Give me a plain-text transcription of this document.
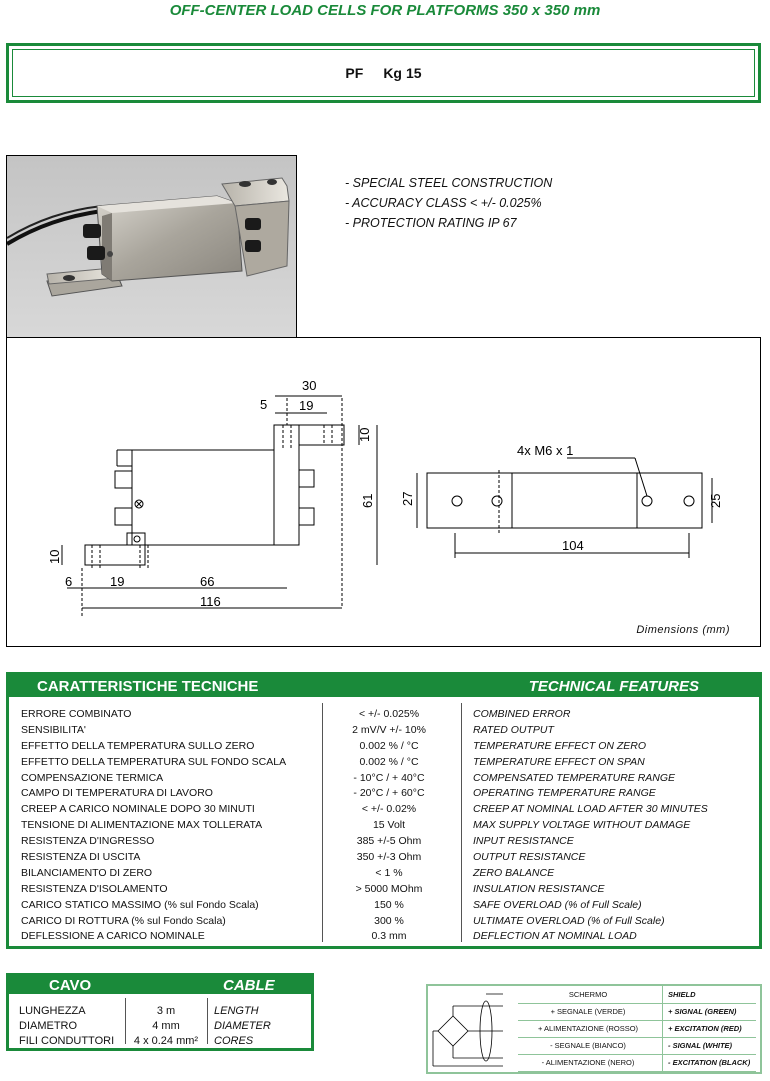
OFF-CENTER LOAD CELLS FOR PLATFORMS 350 x 350 mm
PF Kg 15
- SPECIAL STEEL CONSTRUCTION
- ACCURACY CLASS < +/- 0.025%
- PROTECTION RATING IP 67
30
5 19
10
61
10
6	19	66
116
4x M6 x 1
27	25
104
Dimensions (mm)
CARATTERISTICHE TECNICHE	TECHNICAL FEATURES
ERRORE COMBINATO	< +/- 0.025%	COMBINED ERROR
SENSIBILITA'	2 mV/V +/- 10%	RATED OUTPUT
EFFETTO DELLA TEMPERATURA SULLO ZERO	0.002 % / °C	TEMPERATURE EFFECT ON ZERO
EFFETTO DELLA TEMPERATURA SUL FONDO SCALA	0.002 % / °C	TEMPERATURE EFFECT ON SPAN
COMPENSAZIONE TERMICA	- 10°C / + 40°C	COMPENSATED TEMPERATURE RANGE
CAMPO DI TEMPERATURA DI LAVORO	- 20°C / + 60°C	OPERATING TEMPERATURE RANGE
CREEP A CARICO NOMINALE DOPO 30 MINUTI	< +/- 0.02%	CREEP AT NOMINAL LOAD AFTER 30 MINUTES
TENSIONE DI ALIMENTAZIONE MAX TOLLERATA	15 Volt	MAX SUPPLY VOLTAGE WITHOUT DAMAGE
RESISTENZA D'INGRESSO	385 +/-5 Ohm	INPUT RESISTANCE
RESISTENZA DI USCITA	350 +/-3 Ohm	OUTPUT RESISTANCE
BILANCIAMENTO DI ZERO	< 1 %	ZERO BALANCE
RESISTENZA D'ISOLAMENTO	> 5000 MOhm	INSULATION RESISTANCE
CARICO STATICO MASSIMO (% sul Fondo Scala)	150 %	SAFE OVERLOAD (% of Full Scale)
CARICO DI ROTTURA (% sul Fondo Scala)	300 %	ULTIMATE OVERLOAD (% of Full Scale)
DEFLESSIONE A CARICO NOMINALE	0.3 mm	DEFLECTION AT NOMINAL LOAD
CAVO	CABLE
LUNGHEZZA	3 m	LENGTH
DIAMETRO	4 mm	DIAMETER
FILI CONDUTTORI	4 x 0.24 mm²	CORES
SCHERMO	SHIELD
+ SEGNALE (VERDE)	+ SIGNAL (GREEN)
+ ALIMENTAZIONE (ROSSO)	+ EXCITATION (RED)
- SEGNALE (BIANCO)	- SIGNAL (WHITE)
- ALIMENTAZIONE (NERO)	- EXCITATION (BLACK)
